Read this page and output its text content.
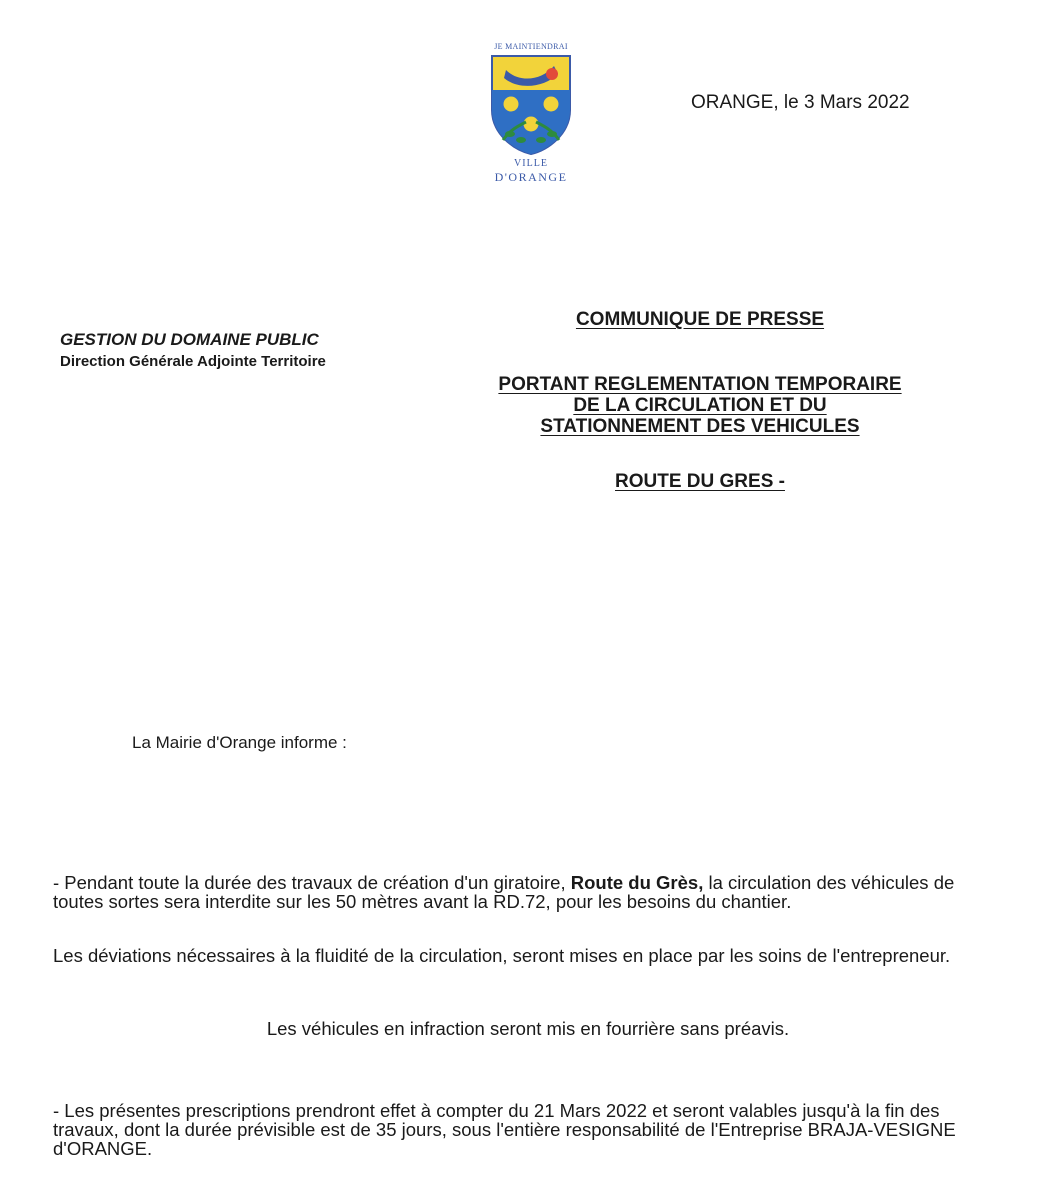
JE MAINTIENDRAI
VILLE
D'ORANGE
ORANGE, le 3 Mars 2022
GESTION DU DOMAINE PUBLIC
Direction Générale Adjointe Territoire
COMMUNIQUE DE PRESSE
PORTANT REGLEMENTATION TEMPORAIRE
DE LA CIRCULATION ET DU
STATIONNEMENT DES VEHICULES
ROUTE DU GRES -
La Mairie d'Orange informe :
- Pendant toute la durée des travaux de création d'un giratoire, Route du Grès, la circulation des véhicules de toutes sortes sera interdite sur les 50 mètres avant la RD.72, pour les besoins du chantier.
Les déviations nécessaires à la fluidité de la circulation, seront mises en place par les soins de l'entrepreneur.
Les véhicules en infraction seront mis en fourrière sans préavis.
- Les présentes prescriptions prendront effet à compter du 21 Mars 2022 et seront valables jusqu'à la fin des travaux, dont la durée prévisible est de 35 jours, sous l'entière responsabilité de l'Entreprise BRAJA-VESIGNE d'ORANGE.
